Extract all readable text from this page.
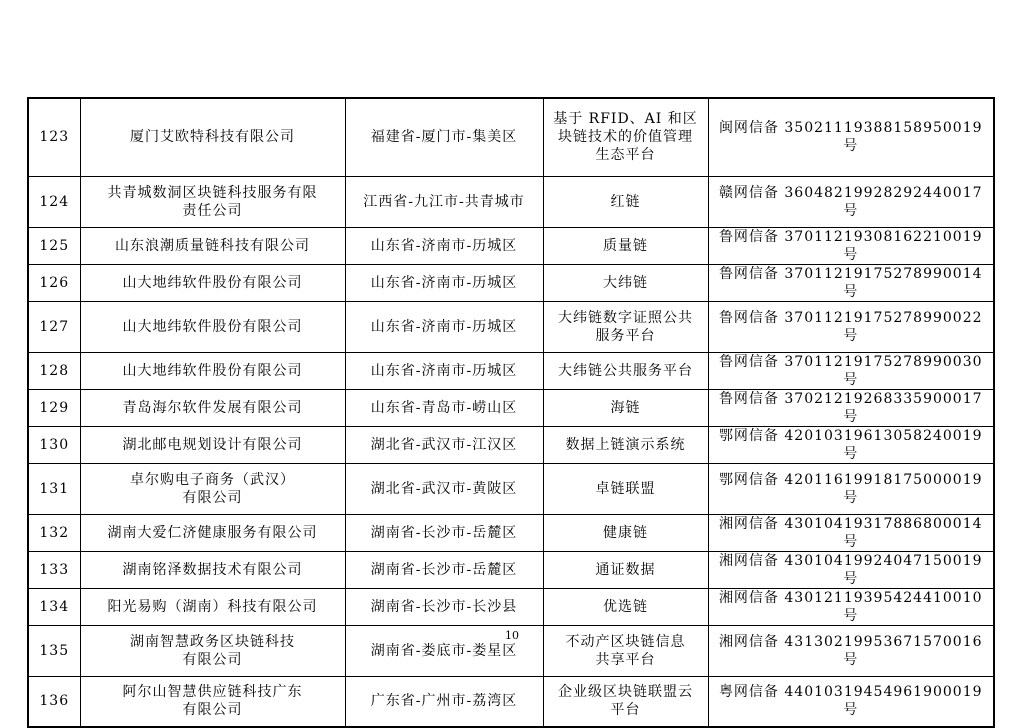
123	厦门艾欧特科技有限公司	福建省-厦门市-集美区	基于 RFID、AI 和区
块链技术的价值管理
生态平台	闽网信备 35021119388158950019 号
124	共青城数洞区块链科技服务有限
责任公司	江西省-九江市-共青城市	红链	赣网信备 36048219928292440017 号
125	山东浪潮质量链科技有限公司	山东省-济南市-历城区	质量链	鲁网信备 37011219308162210019 号
126	山大地纬软件股份有限公司	山东省-济南市-历城区	大纬链	鲁网信备 37011219175278990014 号
127	山大地纬软件股份有限公司	山东省-济南市-历城区	大纬链数字证照公共
服务平台	鲁网信备 37011219175278990022 号
128	山大地纬软件股份有限公司	山东省-济南市-历城区	大纬链公共服务平台	鲁网信备 37011219175278990030 号
129	青岛海尔软件发展有限公司	山东省-青岛市-崂山区	海链	鲁网信备 37021219268335900017 号
130	湖北邮电规划设计有限公司	湖北省-武汉市-江汉区	数据上链演示系统	鄂网信备 42010319613058240019 号
131	卓尔购电子商务（武汉）
有限公司	湖北省-武汉市-黄陂区	卓链联盟	鄂网信备 42011619918175000019 号
132	湖南大爱仁济健康服务有限公司	湖南省-长沙市-岳麓区	健康链	湘网信备 43010419317886800014 号
133	湖南铭泽数据技术有限公司	湖南省-长沙市-岳麓区	通证数据	湘网信备 43010419924047150019 号
134	阳光易购（湖南）科技有限公司	湖南省-长沙市-长沙县	优选链	湘网信备 43012119395424410010 号
135	湖南智慧政务区块链科技
有限公司	湖南省-娄底市-娄星区	不动产区块链信息
共享平台	湘网信备 43130219953671570016 号
136	阿尔山智慧供应链科技广东
有限公司	广东省-广州市-荔湾区	企业级区块链联盟云
平台	粤网信备 44010319454961900019 号
10
